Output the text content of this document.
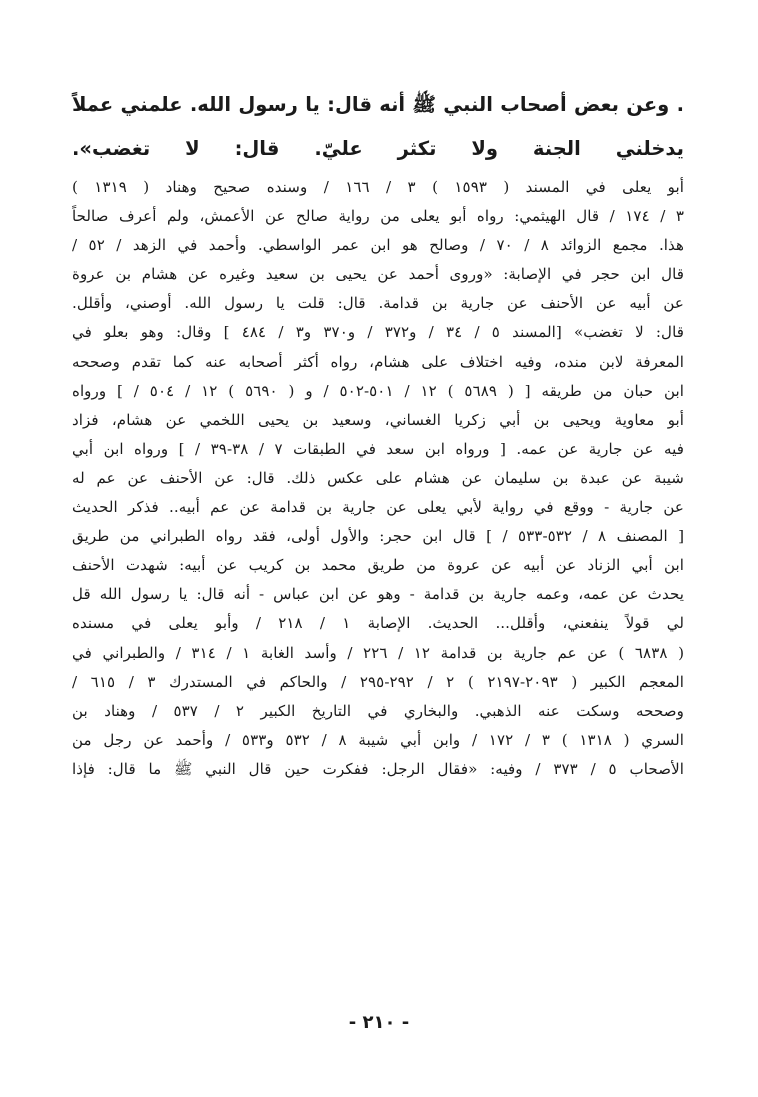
. وعن بعض أصحاب النبي ﷺ أنه قال: يا رسول الله. علمني عملاً
يدخلني الجنة ولا تكثر عليّ. قال: لا تغضب».
أبو يعلى في المسند ( ١٥٩٣ ) ٣ / ١٦٦ / وسنده صحيح وهناد ( ١٣١٩ )
٣ / ١٧٤ / قال الهيثمي: رواه أبو يعلى من رواية صالح عن الأعمش، ولم أعرف صالحاً
هذا. مجمع الزوائد ٨ / ٧٠ / وصالح هو ابن عمر الواسطي. وأحمد في الزهد / ٥٢ /
قال ابن حجر في الإصابة: «وروى أحمد عن يحيى بن سعيد وغيره عن هشام بن عروة
عن أبيه عن الأحنف عن جارية بن قدامة. قال: قلت يا رسول الله. أوصني، وأقلل.
قال: لا تغضب» [المسند ٥ / ٣٤ / و٣٧٢ / و٣٧٠ و٣ / ٤٨٤ ] وقال: وهو بعلو في
المعرفة لابن منده، وفيه اختلاف على هشام، رواه أكثر أصحابه عنه كما تقدم وصححه
ابن حبان من طريقه [ ( ٥٦٨٩ ) ١٢ / ٥٠١-٥٠٢ / و ( ٥٦٩٠ ) ١٢ / ٥٠٤ / ] ورواه
أبو معاوية ويحيى بن أبي زكريا الغساني، وسعيد بن يحيى اللخمي عن هشام، فزاد
فيه عن جارية عن عمه. [ ورواه ابن سعد في الطبقات ٧ / ٣٨-٣٩ / ] ورواه ابن أبي
شيبة عن عبدة بن سليمان عن هشام على عكس ذلك. قال: عن الأحنف عن عم له
عن جارية - ووقع في رواية لأبي يعلى عن جارية بن قدامة عن عم أبيه.. فذكر الحديث
[ المصنف ٨ / ٥٣٢-٥٣٣ / ] قال ابن حجر: والأول أولى، فقد رواه الطبراني من طريق
ابن أبي الزناد عن أبيه عن عروة من طريق محمد بن كريب عن أبيه: شهدت الأحنف
يحدث عن عمه، وعمه جارية بن قدامة - وهو عن ابن عباس - أنه قال: يا رسول الله قل
لي قولاً ينفعني، وأقلل... الحديث. الإصابة ١ / ٢١٨ / وأبو يعلى في مسنده
( ٦٨٣٨ ) عن عم جارية بن قدامة ١٢ / ٢٢٦ / وأسد الغابة ١ / ٣١٤ / والطبراني في
المعجم الكبير ( ٢٠٩٣-٢١٩٧ ) ٢ / ٢٩٢-٢٩٥ / والحاكم في المستدرك ٣ / ٦١٥ /
وصححه وسكت عنه الذهبي. والبخاري في التاريخ الكبير ٢ / ٥٣٧ / وهناد بن
السري ( ١٣١٨ ) ٣ / ١٧٢ / وابن أبي شيبة ٨ / ٥٣٢ و٥٣٣ / وأحمد عن رجل من
الأصحاب ٥ / ٣٧٣ / وفيه: «فقال الرجل: ففكرت حين قال النبي ﷺ ما قال: فإذا
- ٢١٠ -
